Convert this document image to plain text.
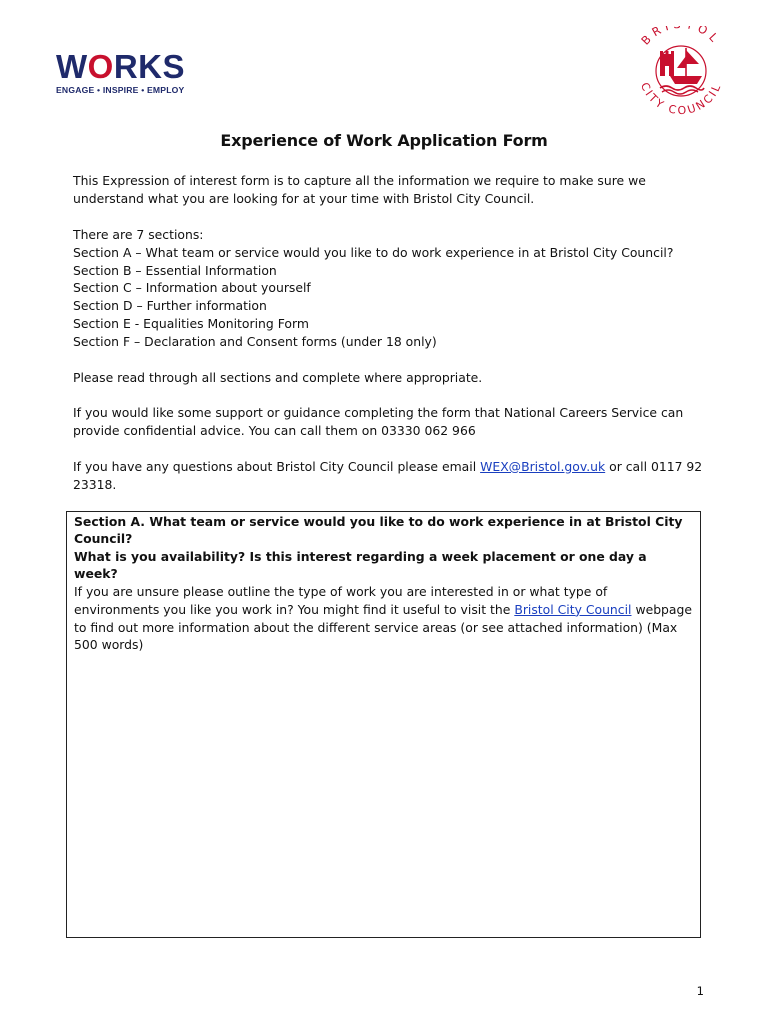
WORKS
ENGAGE • INSPIRE • EMPLOY
BR OL
CITY COUNCIL
Experience of Work Application Form
This Expression of interest form is to capture all the information we require to make sure we understand what you are looking for at your time with Bristol City Council.

There are 7 sections:

Section A – What team or service would you like to do work experience in at Bristol City Council?

Section B – Essential Information

Section C – Information about yourself

Section D – Further information

Section E - Equalities Monitoring Form

Section F – Declaration and Consent forms (under 18 only)

Please read through all sections and complete where appropriate.
If you would like some support or guidance completing the form that National Careers Service can provide confidential advice. You can call them on 03330 062 966
If you have any questions about Bristol City Council please email WEX@Bristol.gov.uk or call 0117 92 23318.
Section A. What team or service would you like to do work experience in at Bristol City Council?
What is you availability? Is this interest regarding a week placement or one day a week?
If you are unsure please outline the type of work you are interested in or what type of environments you like you work in? You might find it useful to visit the Bristol City Council webpage to find out more information about the different service areas (or see attached information) (Max 500 words)
1
